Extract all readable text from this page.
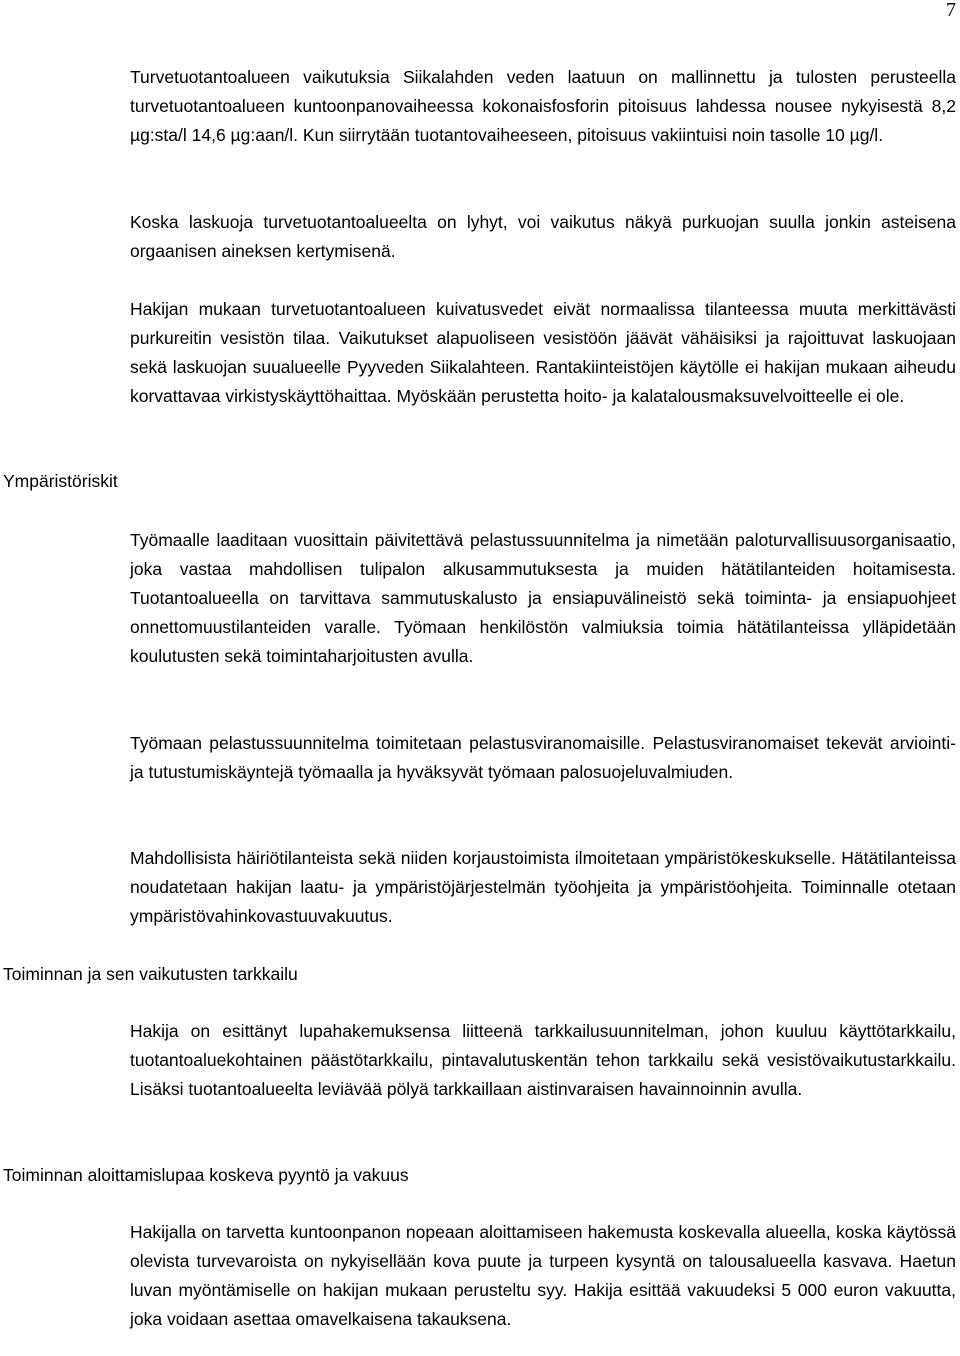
7

Turvetuotantoalueen vaikutuksia Siikalahden veden laatuun on mallinnettu ja tulosten perusteella turvetuotantoalueen kuntoonpanovaiheessa kokonaisfosforin pitoisuus lahdessa nousee nykyisestä 8,2 µg:sta/l 14,6 µg:aan/l. Kun siirrytään tuotantovaiheeseen, pitoisuus vakiintuisi noin tasolle 10 µg/l.

Koska laskuoja turvetuotantoalueelta on lyhyt, voi vaikutus näkyä purkuojan suulla jonkin asteisena orgaanisen aineksen kertymisenä.

Hakijan mukaan turvetuotantoalueen kuivatusvedet eivät normaalissa tilanteessa muuta merkittävästi purkureitin vesistön tilaa. Vaikutukset alapuoliseen vesistöön jäävät vähäisiksi ja rajoittuvat laskuojaan sekä laskuojan suualueelle Pyyveden Siikalahteen. Rantakiinteistöjen käytölle ei hakijan mukaan aiheudu korvattavaa virkistyskäyttöhaittaa. Myöskään perustetta hoito- ja kalatalousmaksuvelvoitteelle ei ole.

Ympäristöriskit

Työmaalle laaditaan vuosittain päivitettävä pelastussuunnitelma ja nimetään paloturvallisuusorganisaatio, joka vastaa mahdollisen tulipalon alkusammutuksesta ja muiden hätätilanteiden hoitamisesta. Tuotantoalueella on tarvittava sammutuskalusto ja ensiapuvälineistö sekä toiminta- ja ensiapuohjeet onnettomuustilanteiden varalle. Työmaan henkilöstön valmiuksia toimia hätätilanteissa ylläpidetään koulutusten sekä toimintaharjoitusten avulla.

Työmaan pelastussuunnitelma toimitetaan pelastusviranomaisille. Pelastusviranomaiset tekevät arviointi- ja tutustumiskäyntejä työmaalla ja hyväksyvät työmaan palosuojeluvalmiuden.

Mahdollisista häiriötilanteista sekä niiden korjaustoimista ilmoitetaan ympäristökeskukselle. Hätätilanteissa noudatetaan hakijan laatu- ja ympäristöjärjestelmän työohjeita ja ympäristöohjeita. Toiminnalle otetaan ympäristövahinkovastuuvakuutus.

Toiminnan ja sen vaikutusten tarkkailu

Hakija on esittänyt lupahakemuksensa liitteenä tarkkailusuunnitelman, johon kuuluu käyttötarkkailu, tuotantoaluekohtainen päästötarkkailu, pintavalutuskentän tehon tarkkailu sekä vesistövaikutustarkkailu. Lisäksi tuotantoalueelta leviävää pölyä tarkkaillaan aistinvaraisen havainnoinnin avulla.

Toiminnan aloittamislupaa koskeva pyyntö ja vakuus

Hakijalla on tarvetta kuntoonpanon nopeaan aloittamiseen hakemusta koskevalla alueella, koska käytössä olevista turvevaroista on nykyisellään kova puute ja turpeen kysyntä on talousalueella kasvava. Haetun luvan myöntämiselle on hakijan mukaan perusteltu syy. Hakija esittää vakuudeksi 5 000 euron vakuutta, joka voidaan asettaa omavelkaisena takauksena.
